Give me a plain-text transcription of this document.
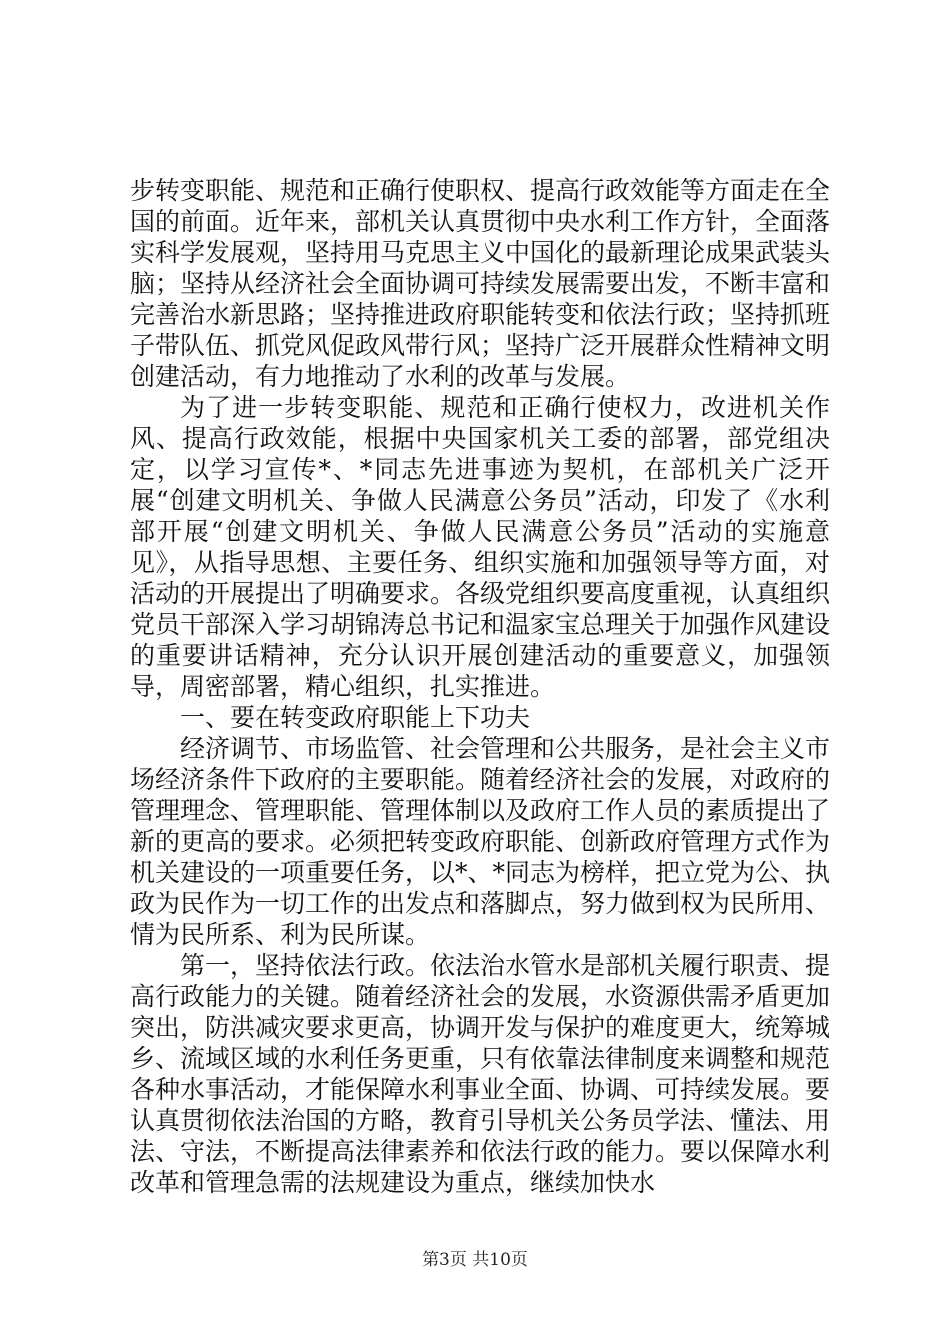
步转变职能、规范和正确行使职权、提高行政效能等方面走在全国的前面。近年来，部机关认真贯彻中央水利工作方针，全面落实科学发展观，坚持用马克思主义中国化的最新理论成果武装头脑；坚持从经济社会全面协调可持续发展需要出发，不断丰富和完善治水新思路；坚持推进政府职能转变和依法行政；坚持抓班子带队伍、抓党风促政风带行风；坚持广泛开展群众性精神文明创建活动，有力地推动了水利的改革与发展。

为了进一步转变职能、规范和正确行使权力，改进机关作风、提高行政效能，根据中央国家机关工委的部署，部党组决定，以学习宣传*、*同志先进事迹为契机，在部机关广泛开展“创建文明机关、争做人民满意公务员”活动，印发了《水利部开展“创建文明机关、争做人民满意公务员”活动的实施意见》，从指导思想、主要任务、组织实施和加强领导等方面，对活动的开展提出了明确要求。各级党组织要高度重视，认真组织党员干部深入学习胡锦涛总书记和温家宝总理关于加强作风建设的重要讲话精神，充分认识开展创建活动的重要意义，加强领导，周密部署，精心组织，扎实推进。

一、要在转变政府职能上下功夫

经济调节、市场监管、社会管理和公共服务，是社会主义市场经济条件下政府的主要职能。随着经济社会的发展，对政府的管理理念、管理职能、管理体制以及政府工作人员的素质提出了新的更高的要求。必须把转变政府职能、创新政府管理方式作为机关建设的一项重要任务，以*、*同志为榜样，把立党为公、执政为民作为一切工作的出发点和落脚点，努力做到权为民所用、情为民所系、利为民所谋。

第一，坚持依法行政。依法治水管水是部机关履行职责、提高行政能力的关键。随着经济社会的发展，水资源供需矛盾更加突出，防洪减灾要求更高，协调开发与保护的难度更大，统筹城乡、流域区域的水利任务更重，只有依靠法律制度来调整和规范各种水事活动，才能保障水利事业全面、协调、可持续发展。要认真贯彻依法治国的方略，教育引导机关公务员学法、懂法、用法、守法，不断提高法律素养和依法行政的能力。要以保障水利改革和管理急需的法规建设为重点，继续加快水

第3页 共10页
